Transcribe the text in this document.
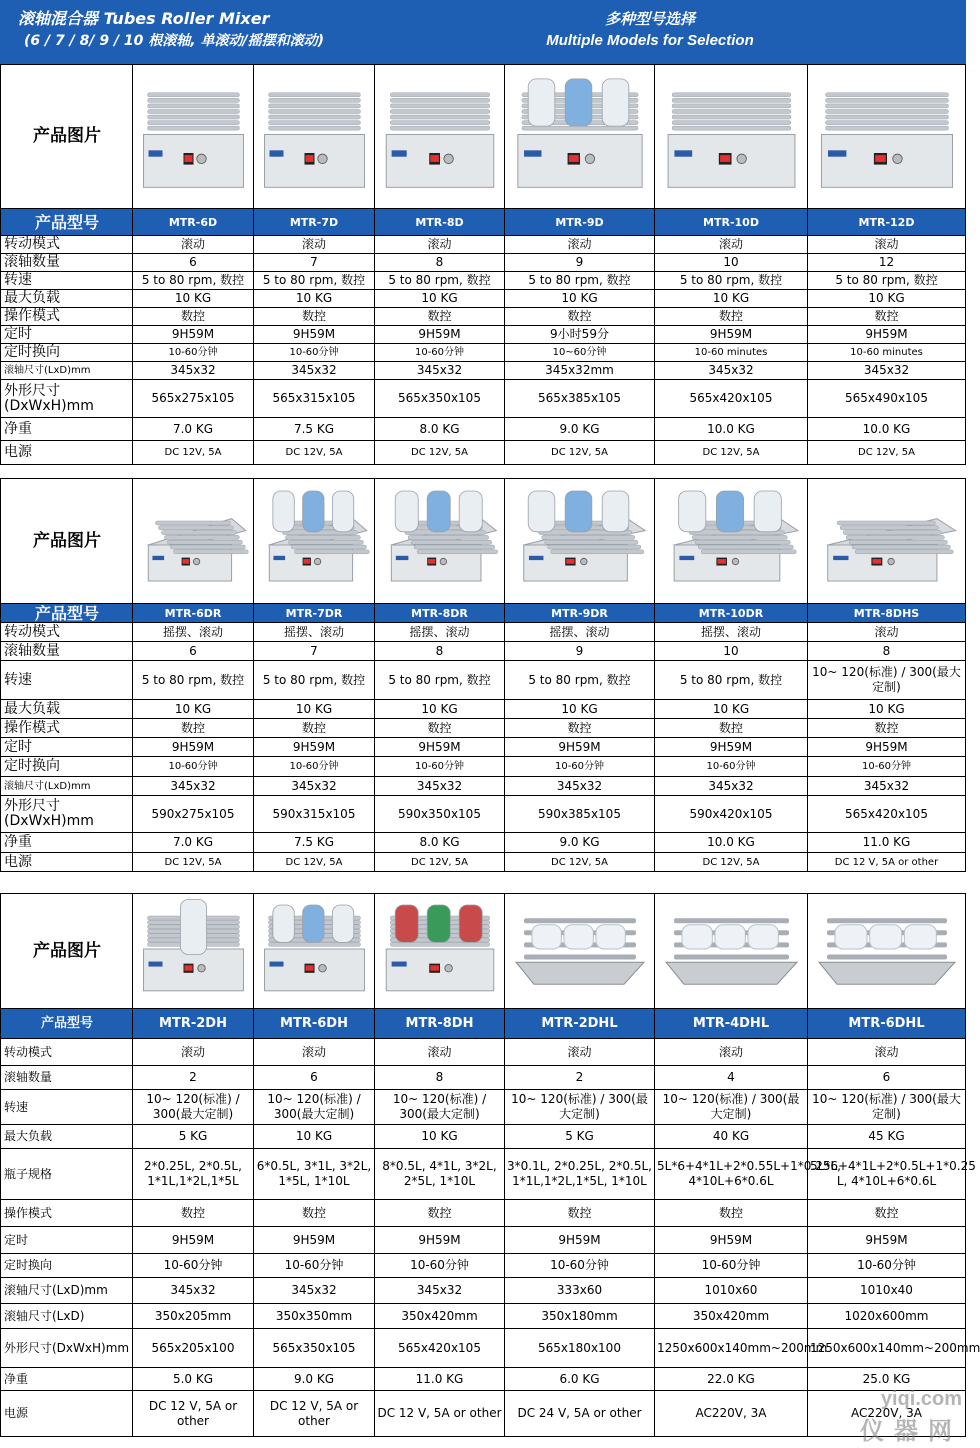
滚轴混合器 Tubes Roller Mixer
(6 / 7 / 8/ 9 / 10 根滚轴, 单滚动/摇摆和滚动)
多种型号选择
Multiple Models for Selection
产品图片						
产品型号	MTR-6D	MTR-7D	MTR-8D	MTR-9D	MTR-10D	MTR-12D
转动模式	滚动	滚动	滚动	滚动	滚动	滚动
滚轴数量	6	7	8	9	10	12
转速	5 to 80 rpm, 数控	5 to 80 rpm, 数控	5 to 80 rpm, 数控	5 to 80 rpm, 数控	5 to 80 rpm, 数控	5 to 80 rpm, 数控
最大负载	10 KG	10 KG	10 KG	10 KG	10 KG	10 KG
操作模式	数控	数控	数控	数控	数控	数控
定时	9H59M	9H59M	9H59M	9小时59分	9H59M	9H59M
定时换向	10-60分钟	10-60分钟	10-60分钟	10~60分钟	10-60 minutes	10-60 minutes
滚轴尺寸(LxD)mm	345x32	345x32	345x32	345x32mm	345x32	345x32
外形尺寸(DxWxH)mm	565x275x105	565x315x105	565x350x105	565x385x105	565x420x105	565x490x105
净重	7.0 KG	7.5 KG	8.0 KG	9.0 KG	10.0 KG	10.0 KG
电源	DC 12V, 5A	DC 12V, 5A	DC 12V, 5A	DC 12V, 5A	DC 12V, 5A	DC 12V, 5A
产品图片						
产品型号	MTR-6DR	MTR-7DR	MTR-8DR	MTR-9DR	MTR-10DR	MTR-8DHS
转动模式	摇摆、滚动	摇摆、滚动	摇摆、滚动	摇摆、滚动	摇摆、滚动	滚动
滚轴数量	6	7	8	9	10	8
转速	5 to 80 rpm, 数控	5 to 80 rpm, 数控	5 to 80 rpm, 数控	5 to 80 rpm, 数控	5 to 80 rpm, 数控	10~ 120(标准) / 300(最大定制)
最大负载	10 KG	10 KG	10 KG	10 KG	10 KG	10 KG
操作模式	数控	数控	数控	数控	数控	数控
定时	9H59M	9H59M	9H59M	9H59M	9H59M	9H59M
定时换向	10-60分钟	10-60分钟	10-60分钟	10-60分钟	10-60分钟	10-60分钟
滚轴尺寸(LxD)mm	345x32	345x32	345x32	345x32	345x32	345x32
外形尺寸(DxWxH)mm	590x275x105	590x315x105	590x350x105	590x385x105	590x420x105	565x420x105
净重	7.0 KG	7.5 KG	8.0 KG	9.0 KG	10.0 KG	11.0 KG
电源	DC 12V, 5A	DC 12V, 5A	DC 12V, 5A	DC 12V, 5A	DC 12V, 5A	DC 12 V, 5A or other
产品图片						
产品型号	MTR-2DH	MTR-6DH	MTR-8DH	MTR-2DHL	MTR-4DHL	MTR-6DHL
转动模式	滚动	滚动	滚动	滚动	滚动	滚动
滚轴数量	2	6	8	2	4	6
转速	10~ 120(标准) / 300(最大定制)	10~ 120(标准) / 300(最大定制)	10~ 120(标准) / 300(最大定制)	10~ 120(标准) / 300(最大定制)	10~ 120(标准) / 300(最大定制)	10~ 120(标准) / 300(最大定制)
最大负载	5 KG	10 KG	10 KG	5 KG	40 KG	45 KG
瓶子规格	2*0.25L, 2*0.5L, 1*1L,1*2L,1*5L	6*0.5L, 3*1L, 3*2L, 1*5L, 1*10L	8*0.5L, 4*1L, 3*2L, 2*5L, 1*10L	3*0.1L, 2*0.25L, 2*0.5L, 1*1L,1*2L,1*5L, 1*10L	5L*6+4*1L+2*0.55L+1*0.25L, 4*10L+6*0.6L	5L*6+4*1L+2*0.5L+1*0.25 L, 4*10L+6*0.6L
操作模式	数控	数控	数控	数控	数控	数控
定时	9H59M	9H59M	9H59M	9H59M	9H59M	9H59M
定时换向	10-60分钟	10-60分钟	10-60分钟	10-60分钟	10-60分钟	10-60分钟
滚轴尺寸(LxD)mm	345x32	345x32	345x32	333x60	1010x60	1010x40
滚轴尺寸(LxD)	350x205mm	350x350mm	350x420mm	350x180mm	350x420mm	1020x600mm
外形尺寸(DxWxH)mm	565x205x100	565x350x105	565x420x105	565x180x100	1250x600x140mm~200mm	1250x600x140mm~200mm
净重	5.0 KG	9.0 KG	11.0 KG	6.0 KG	22.0 KG	25.0 KG
电源	DC 12 V, 5A or other	DC 12 V, 5A or other	DC 12 V, 5A or other	DC 24 V, 5A or other	AC220V, 3A	AC220V, 3A
yiqi.com
仪器网
